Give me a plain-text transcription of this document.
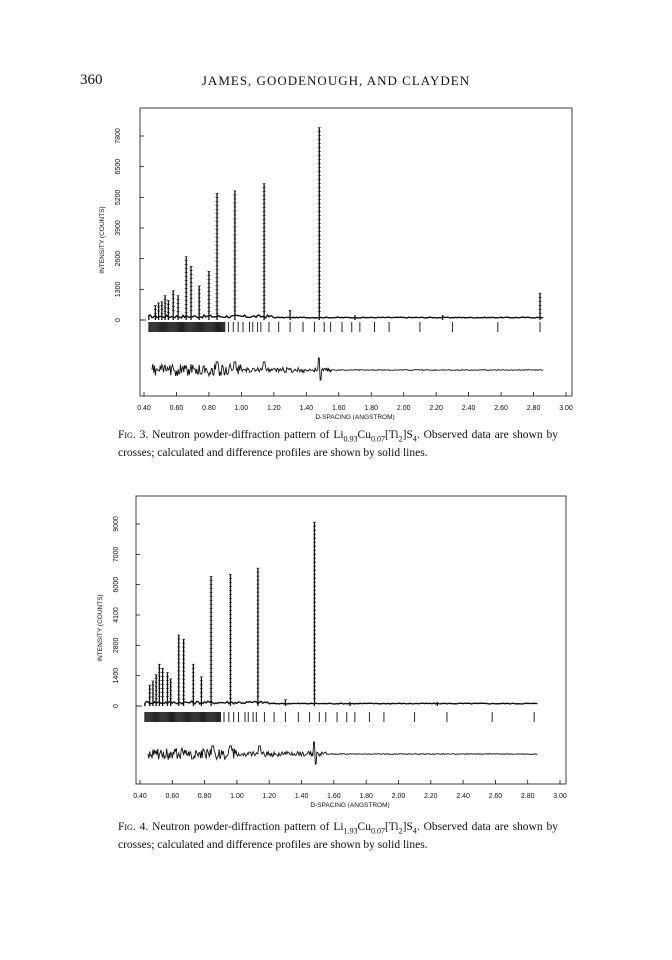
360	JAMES, GOODENOUGH, AND CLAYDEN
0
1300
2600
3900
5200
6500
7800
INTENSITY (COUNTS)
0.40	0.60	0.80	1.00	1.20	1.40	1.60	1.80	2.00	2.20	2.40	2.60	2.80	3.00
D-SPACING (ANGSTROM)
Fig. 3. Neutron powder-diffraction pattern of $Li_{0.93}Cu_{0.07}[Ti_2]S_4$. Observed data are shown by crosses; calculated and difference profiles are shown by solid lines.
0
1400
2800
4100
6000
7000
9000
INTENSITY (COUNTS)
0.40	0.60	0.80	1.00	1.20	1.40	1.60	1.80	2.00	2.20	2.40	2.60	2.80	3.00
D-SPACING (ANGSTROM)
Fig. 4. Neutron powder-diffraction pattern of $Li_{1.93}Cu_{0.07}[Ti_2]S_4$. Observed data are shown by crosses; calculated and difference profiles are shown by solid lines.
